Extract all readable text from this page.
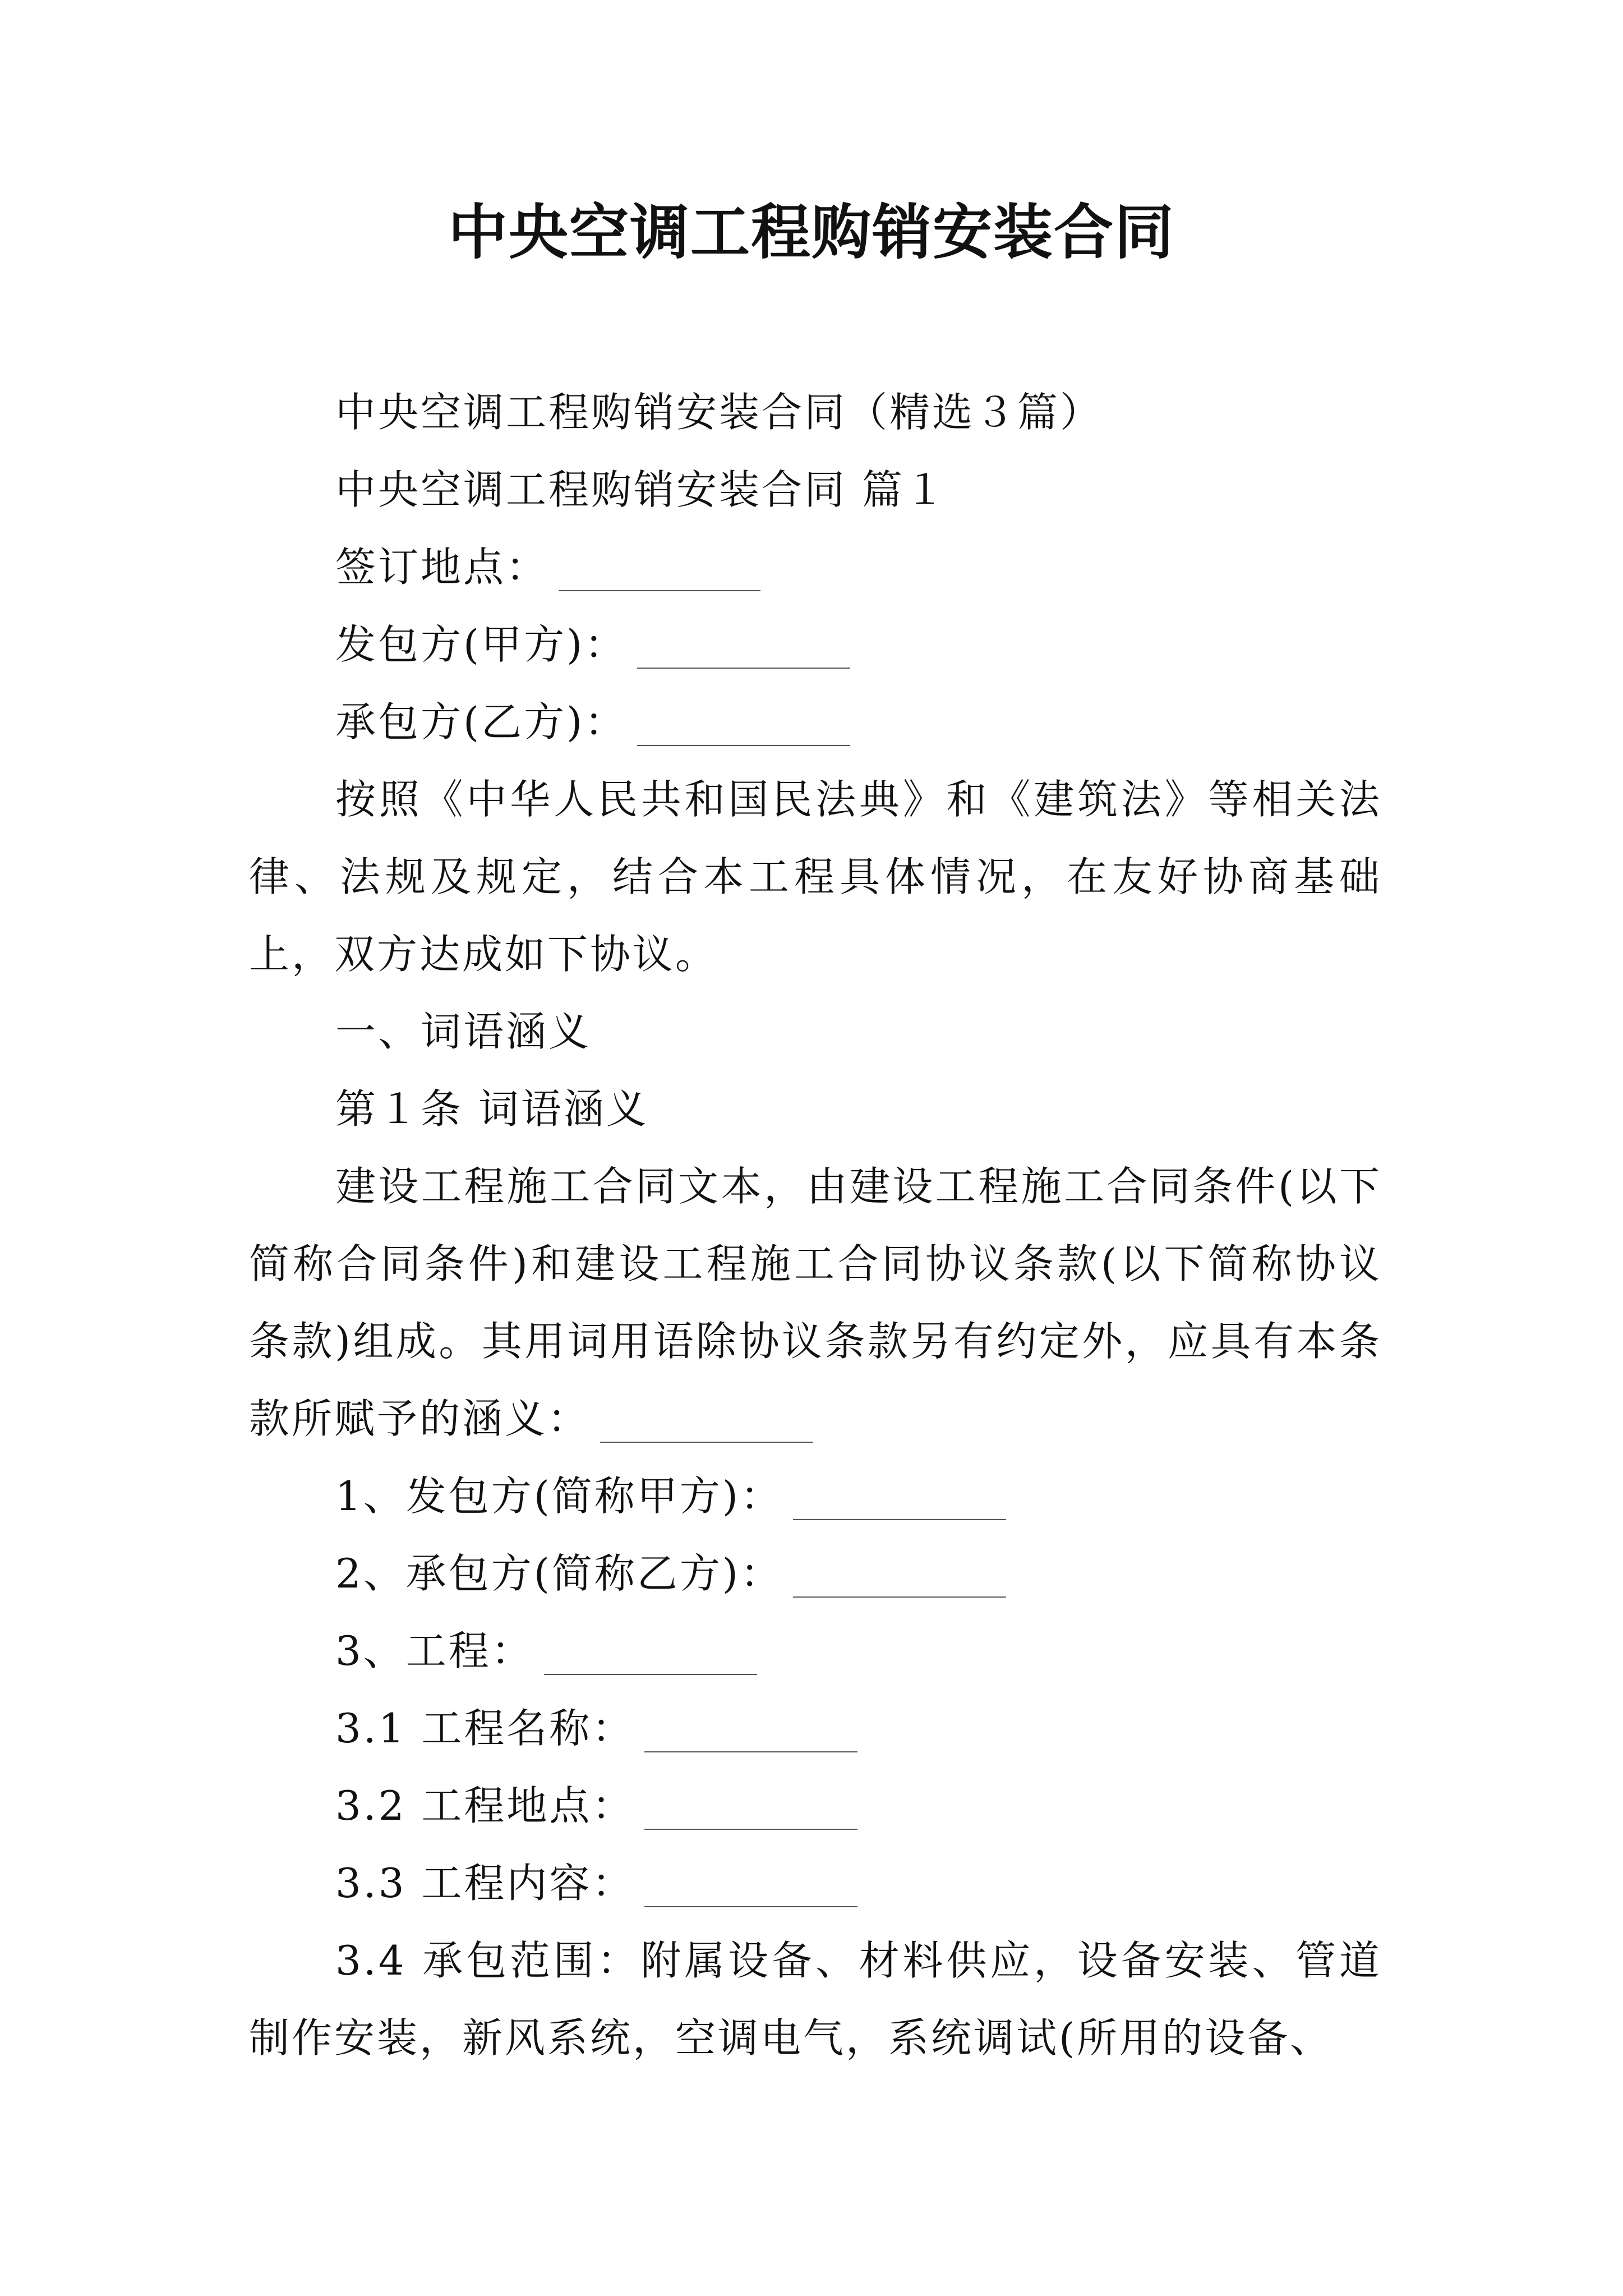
中央空调工程购销安装合同

中央空调工程购销安装合同（精选３篇）

中央空调工程购销安装合同 篇１

签订地点：

发包方(甲方)：

承包方(乙方)：

按照《中华人民共和国民法典》和《建筑法》等相关法律、法规及规定，结合本工程具体情况，在友好协商基础上，双方达成如下协议。

一、词语涵义

第１条 词语涵义

建设工程施工合同文本，由建设工程施工合同条件(以下简称合同条件)和建设工程施工合同协议条款(以下简称协议条款)组成。其用词用语除协议条款另有约定外，应具有本条款所赋予的涵义：

1、发包方(简称甲方)：

2、承包方(简称乙方)：

3、工程：

3.1 工程名称：

3.2 工程地点：

3.3 工程内容：

3.4 承包范围：附属设备、材料供应，设备安装、管道制作安装，新风系统，空调电气，系统调试(所用的设备、
